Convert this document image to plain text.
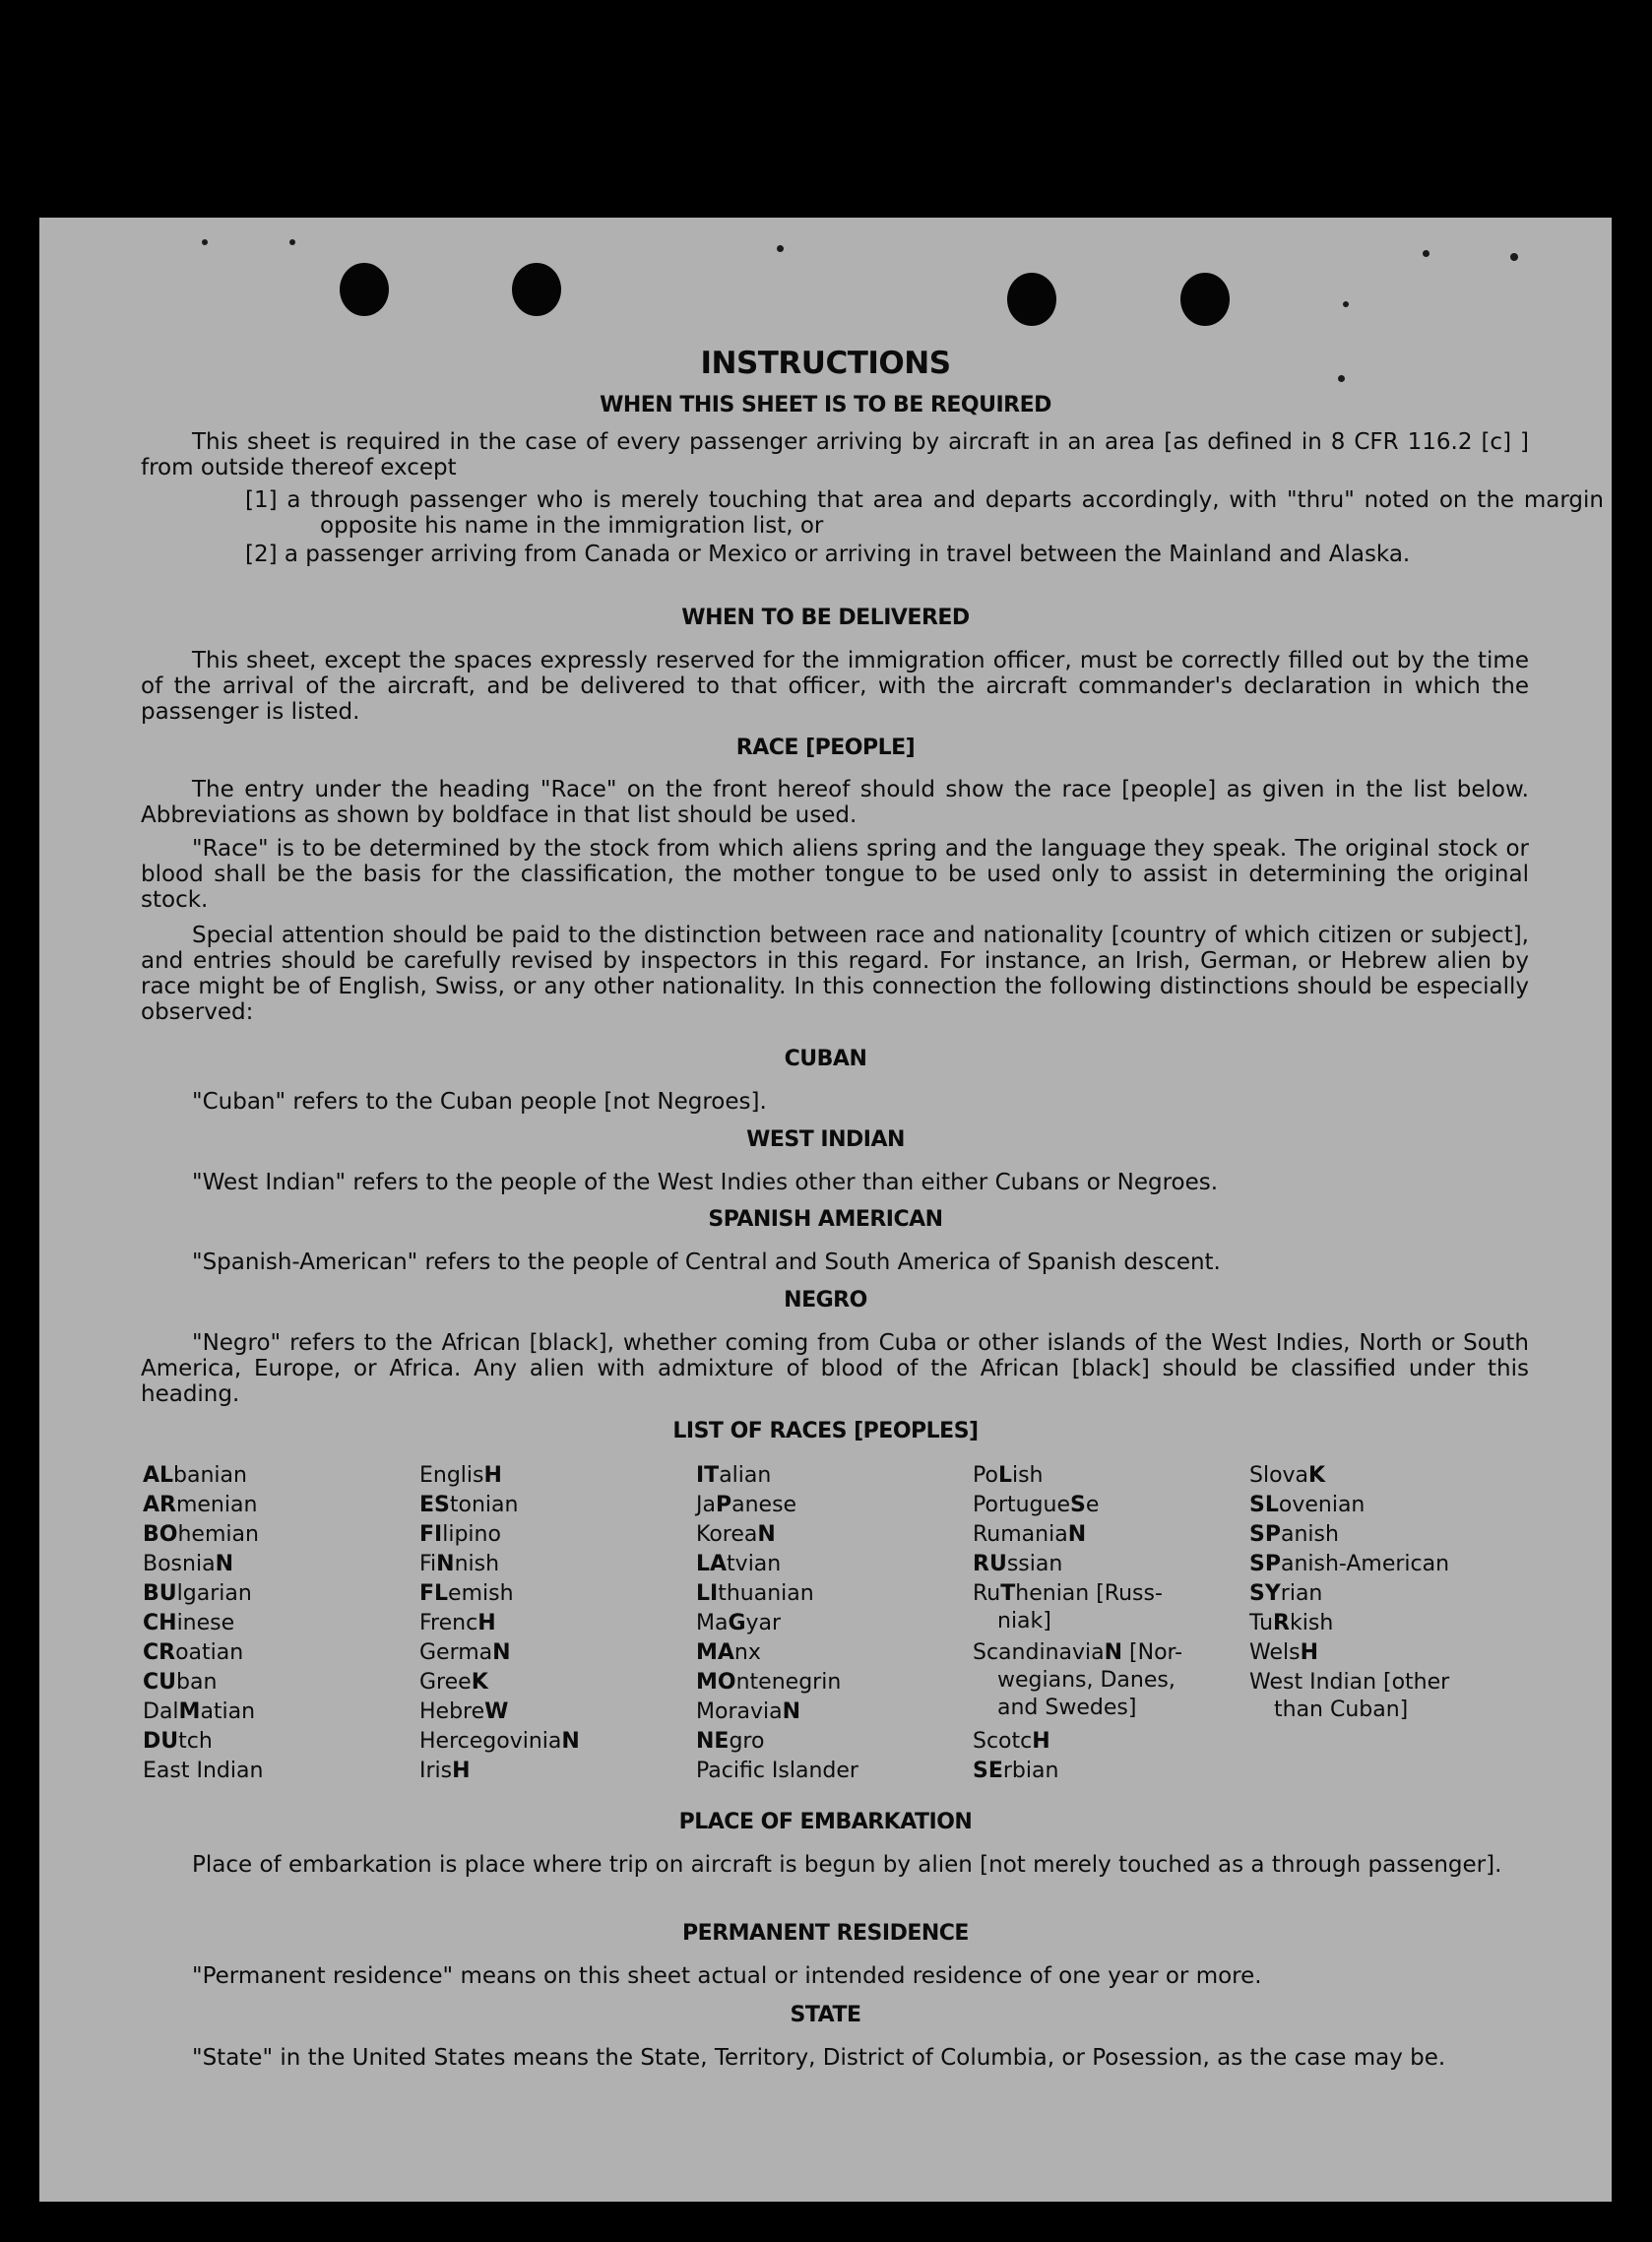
INSTRUCTIONS
WHEN THIS SHEET IS TO BE REQUIRED

This sheet is required in the case of every passenger arriving by aircraft in an area [as defined in 8 CFR 116.2 [c] ] from outside thereof except

[1] a through passenger who is merely touching that area and departs accordingly, with "thru" noted on the margin opposite his name in the immigration list, or

[2] a passenger arriving from Canada or Mexico or arriving in travel between the Mainland and Alaska.

WHEN TO BE DELIVERED

This sheet, except the spaces expressly reserved for the immigration officer, must be correctly filled out by the time of the arrival of the aircraft, and be delivered to that officer, with the aircraft commander's declaration in which the passenger is listed.

RACE [PEOPLE]

The entry under the heading "Race" on the front hereof should show the race [people] as given in the list below. Abbreviations as shown by boldface in that list should be used.

"Race" is to be determined by the stock from which aliens spring and the language they speak. The original stock or blood shall be the basis for the classification, the mother tongue to be used only to assist in determining the original stock.

Special attention should be paid to the distinction between race and nationality [country of which citizen or subject], and entries should be carefully revised by inspectors in this regard. For instance, an Irish, German, or Hebrew alien by race might be of English, Swiss, or any other nationality. In this connection the following distinctions should be especially observed:

CUBAN

"Cuban" refers to the Cuban people [not Negroes].

WEST INDIAN

"West Indian" refers to the people of the West Indies other than either Cubans or Negroes.

SPANISH AMERICAN

"Spanish-American" refers to the people of Central and South America of Spanish descent.

NEGRO

"Negro" refers to the African [black], whether coming from Cuba or other islands of the West Indies, North or South America, Europe, or Africa. Any alien with admixture of blood of the African [black] should be classified under this heading.

LIST OF RACES [PEOPLES]
ALbanian
ARmenian
BOhemian
BosniaN
BUlgarian
CHinese
CRoatian
CUban
DalMatian
DUtch
East Indian
EnglisH
EStonian
FIlipino
FiNnish
FLemish
FrencH
GermaN
GreeK
HebreW
HercegoviniaN
IrisH
ITalian
JaPanese
KoreaN
LAtvian
LIthuanian
MaGyar
MAnx
MOntenegrin
MoraviaN
NEgro
Pacific Islander
PoLish
PortugueSe
RumaniaN
RUssian
RuThenian [Russ-
niak]
ScandinaviaN [Nor-
wegians, Danes,
and Swedes]
ScotcH
SErbian
SlovaK
SLovenian
SPanish
SPanish-American
SYrian
TuRkish
WelsH
West Indian [other
than Cuban]
PLACE OF EMBARKATION

Place of embarkation is place where trip on aircraft is begun by alien [not merely touched as a through passenger].

PERMANENT RESIDENCE

"Permanent residence" means on this sheet actual or intended residence of one year or more.

STATE

"State" in the United States means the State, Territory, District of Columbia, or Posession, as the case may be.
